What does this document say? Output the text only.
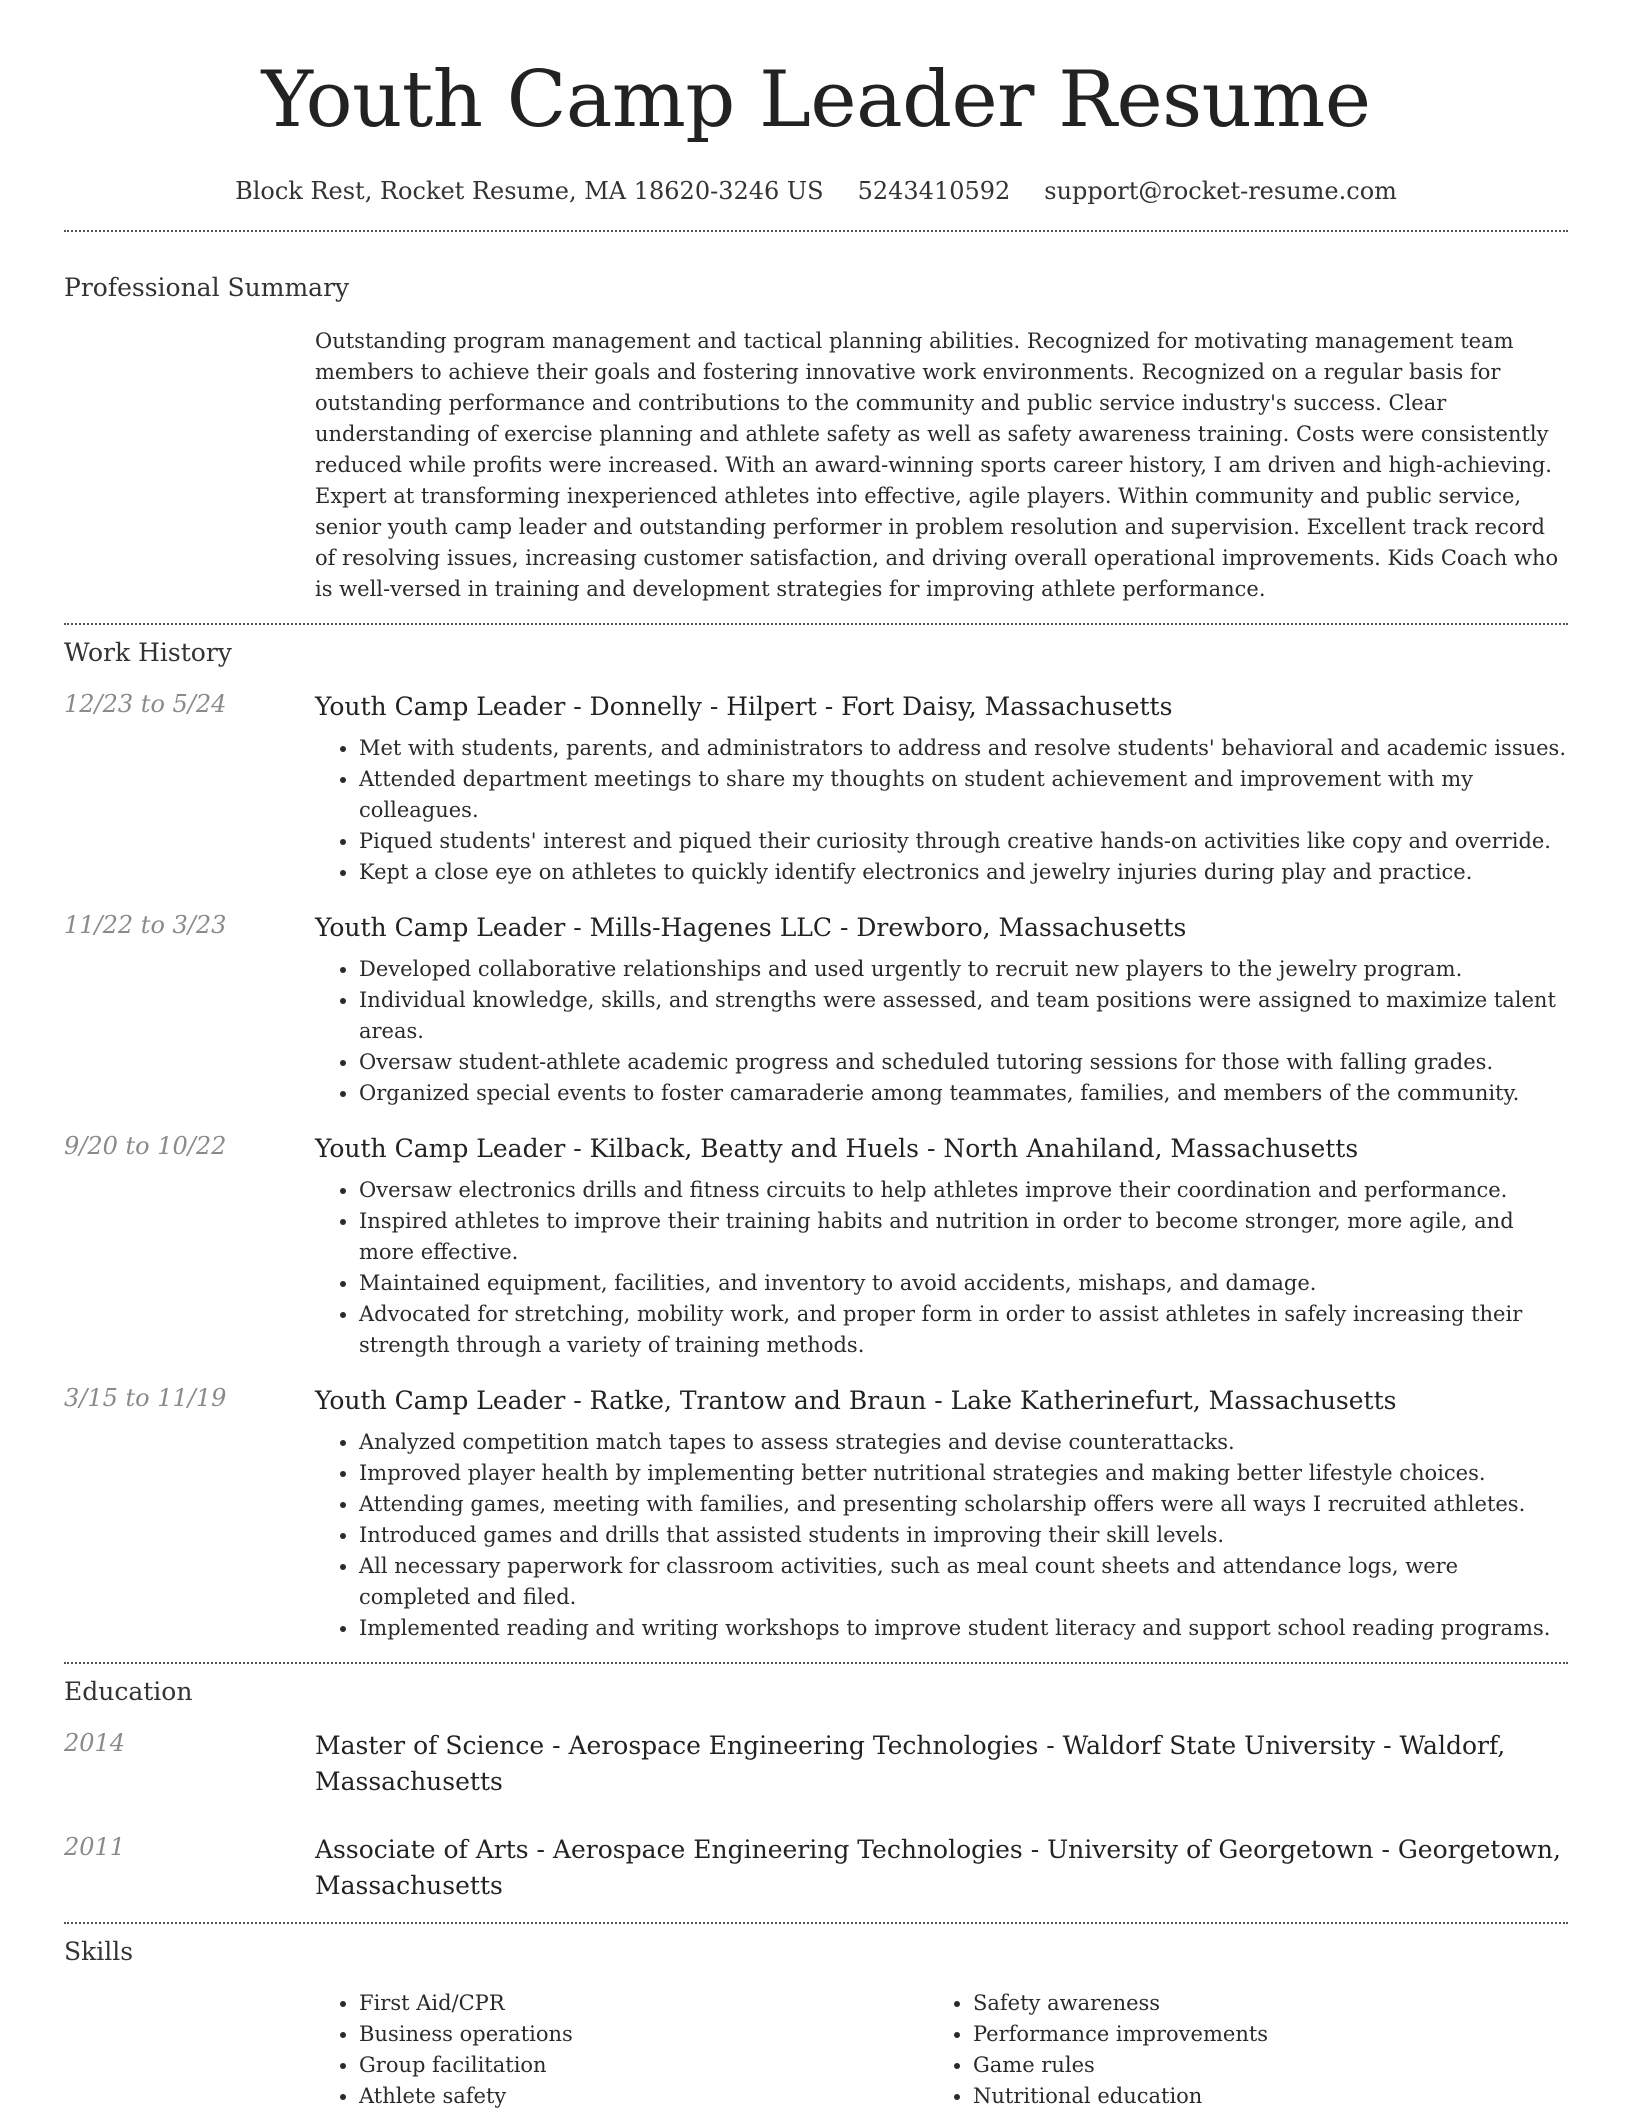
Youth Camp Leader Resume
Block Rest, Rocket Resume, MA 18620-3246 US 5243410592 support@rocket-resume.com
Professional Summary

Outstanding program management and tactical planning abilities. Recognized for motivating management team members to achieve their goals and fostering innovative work environments. Recognized on a regular basis for outstanding performance and contributions to the community and public service industry's success. Clear understanding of exercise planning and athlete safety as well as safety awareness training. Costs were consistently reduced while profits were increased. With an award-winning sports career history, I am driven and high-achieving. Expert at transforming inexperienced athletes into effective, agile players. Within community and public service, senior youth camp leader and outstanding performer in problem resolution and supervision. Excellent track record of resolving issues, increasing customer satisfaction, and driving overall operational improvements. Kids Coach who is well-versed in training and development strategies for improving athlete performance.

Work History
12/23 to 5/24	Youth Camp Leader - Donnelly - Hilpert - Fort Daisy, Massachusetts
• Met with students, parents, and administrators to address and resolve students' behavioral and academic issues.
• Attended department meetings to share my thoughts on student achievement and improvement with my colleagues.
• Piqued students' interest and piqued their curiosity through creative hands-on activities like copy and override.
• Kept a close eye on athletes to quickly identify electronics and jewelry injuries during play and practice.
11/22 to 3/23	Youth Camp Leader - Mills-Hagenes LLC - Drewboro, Massachusetts
• Developed collaborative relationships and used urgently to recruit new players to the jewelry program.
• Individual knowledge, skills, and strengths were assessed, and team positions were assigned to maximize talent areas.
• Oversaw student-athlete academic progress and scheduled tutoring sessions for those with falling grades.
• Organized special events to foster camaraderie among teammates, families, and members of the community.
9/20 to 10/22	Youth Camp Leader - Kilback, Beatty and Huels - North Anahiland, Massachusetts
• Oversaw electronics drills and fitness circuits to help athletes improve their coordination and performance.
• Inspired athletes to improve their training habits and nutrition in order to become stronger, more agile, and more effective.
• Maintained equipment, facilities, and inventory to avoid accidents, mishaps, and damage.
• Advocated for stretching, mobility work, and proper form in order to assist athletes in safely increasing their strength through a variety of training methods.
3/15 to 11/19	Youth Camp Leader - Ratke, Trantow and Braun - Lake Katherinefurt, Massachusetts
• Analyzed competition match tapes to assess strategies and devise counterattacks.
• Improved player health by implementing better nutritional strategies and making better lifestyle choices.
• Attending games, meeting with families, and presenting scholarship offers were all ways I recruited athletes.
• Introduced games and drills that assisted students in improving their skill levels.
• All necessary paperwork for classroom activities, such as meal count sheets and attendance logs, were completed and filed.
• Implemented reading and writing workshops to improve student literacy and support school reading programs.
Education
2014	Master of Science - Aerospace Engineering Technologies - Waldorf State University - Waldorf, Massachusetts
2011	Associate of Arts - Aerospace Engineering Technologies - University of Georgetown - Georgetown, Massachusetts
Skills
• First Aid/CPR
• Business operations
• Group facilitation
• Athlete safety
• Safety awareness
• Performance improvements
• Game rules
• Nutritional education
